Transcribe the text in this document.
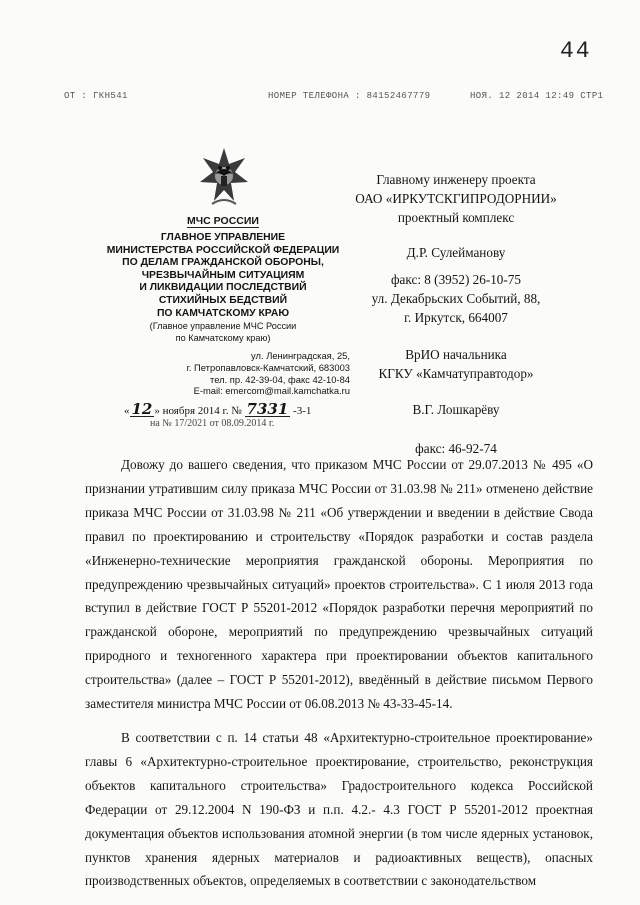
44
ОТ : ГКН541	НОМЕР ТЕЛЕФОНА : 84152467779	НОЯ. 12 2014 12:49 СТР1
МЧС РОССИИ
ГЛАВНОЕ УПРАВЛЕНИЕ
МИНИСТЕРСТВА РОССИЙСКОЙ ФЕДЕРАЦИИ
ПО ДЕЛАМ ГРАЖДАНСКОЙ ОБОРОНЫ,
ЧРЕЗВЫЧАЙНЫМ СИТУАЦИЯМ
И ЛИКВИДАЦИИ ПОСЛЕДСТВИЙ
СТИХИЙНЫХ БЕДСТВИЙ
ПО КАМЧАТСКОМУ КРАЮ
(Главное управление МЧС России
по Камчатскому краю)
ул. Ленинградская, 25,
г. Петропавловск-Камчатский, 683003
тел. пр. 42-39-04, факс 42-10-84
E-mail: emercom@mail.kamchatka.ru
« 12 » ноября 2014 г. № 7331 -3-1
на № 17/2021 от 08.09.2014 г.
Главному инженеру проекта
ОАО «ИРКУТСКГИПРОДОРНИИ»
проектный комплекс
Д.Р. Сулейманову
факс: 8 (3952) 26-10-75
ул. Декабрьских Событий, 88,
г. Иркутск, 664007
ВрИО начальника
КГКУ «Камчатуправтодор»
В.Г. Лошкарёву
факс: 46-92-74

Довожу до вашего сведения, что приказом МЧС России от 29.07.2013 № 495 «О признании утратившим силу приказа МЧС России от 31.03.98 № 211» отменено действие приказа МЧС России от 31.03.98 № 211 «Об утверждении и введении в действие Свода правил по проектированию и строительству «Порядок разработки и состав раздела «Инженерно-технические мероприятия гражданской обороны. Мероприятия по предупреждению чрезвычайных ситуаций» проектов строительства». С 1 июля 2013 года вступил в действие ГОСТ Р 55201-2012 «Порядок разработки перечня мероприятий по гражданской обороне, мероприятий по предупреждению чрезвычайных ситуаций природного и техногенного характера при проектировании объектов капитального строительства» (далее – ГОСТ Р 55201-2012), введённый в действие письмом Первого заместителя министра МЧС России от 06.08.2013 № 43-33-45-14.

В соответствии с п. 14 статьи 48 «Архитектурно-строительное проектирование» главы 6 «Архитектурно-строительное проектирование, строительство, реконструкция объектов капитального строительства» Градостроительного кодекса Российской Федерации от 29.12.2004 N 190-ФЗ и п.п. 4.2.- 4.3 ГОСТ Р 55201-2012 проектная документация объектов использования атомной энергии (в том числе ядерных установок, пунктов хранения ядерных материалов и радиоактивных веществ), опасных производственных объектов, определяемых в соответствии с законодательством
